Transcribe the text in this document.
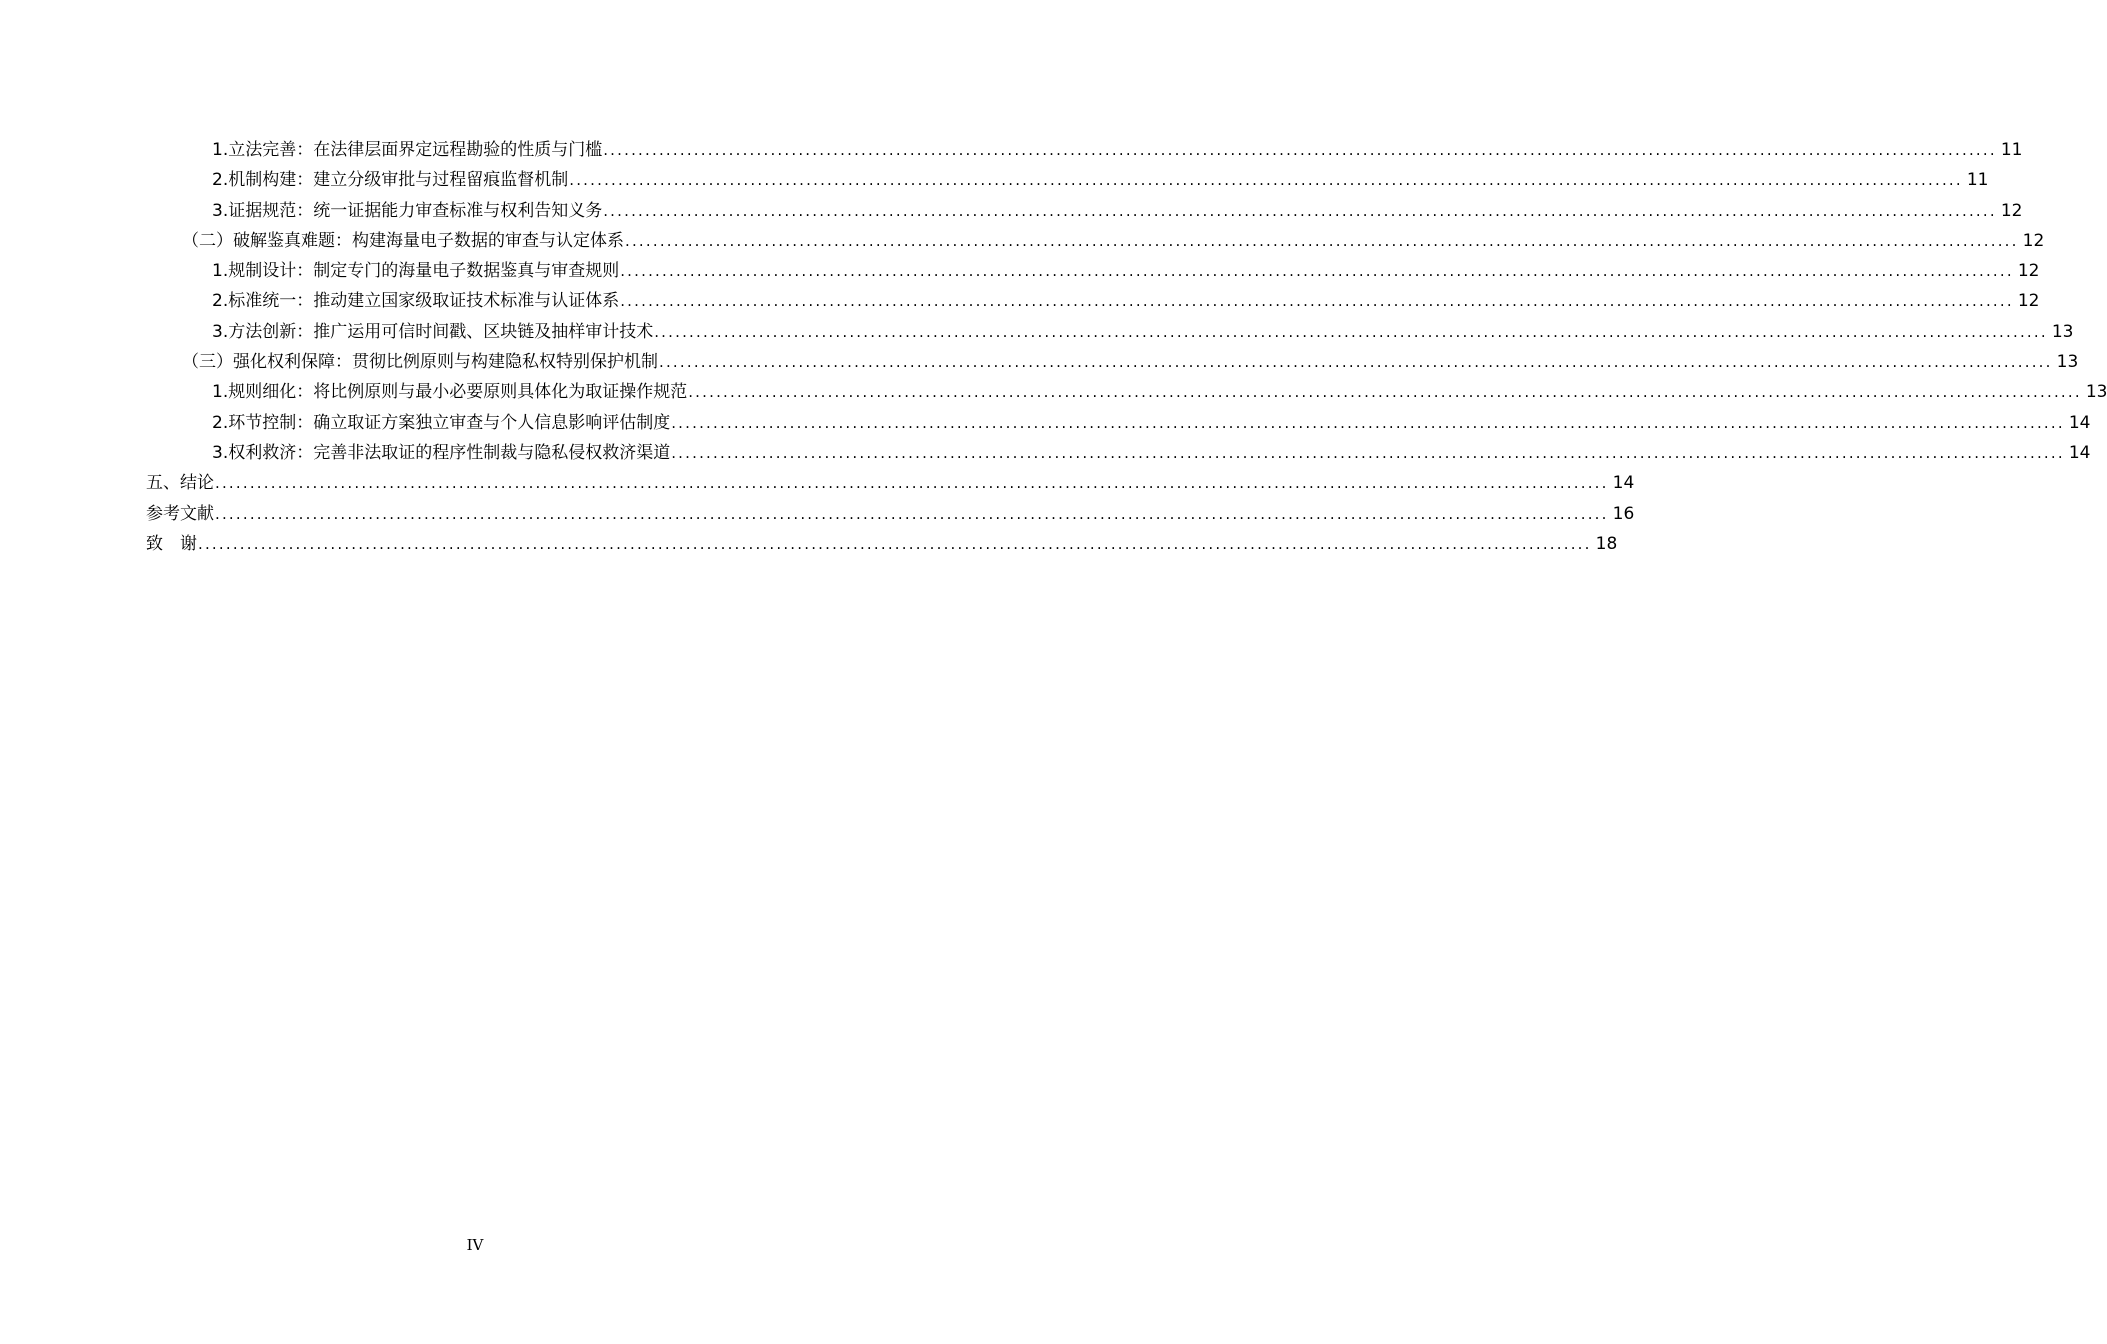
1.立法完善：在法律层面界定远程勘验的性质与门槛 ........................................................................................................................................................................................................ 11
2.机制构建：建立分级审批与过程留痕监督机制 ........................................................................................................................................................................................................ 11
3.证据规范：统一证据能力审查标准与权利告知义务 ........................................................................................................................................................................................................ 12
（二）破解鉴真难题：构建海量电子数据的审查与认定体系 ........................................................................................................................................................................................................ 12
1.规制设计：制定专门的海量电子数据鉴真与审查规则 ........................................................................................................................................................................................................ 12
2.标准统一：推动建立国家级取证技术标准与认证体系 ........................................................................................................................................................................................................ 12
3.方法创新：推广运用可信时间戳、区块链及抽样审计技术 ........................................................................................................................................................................................................ 13
（三）强化权利保障：贯彻比例原则与构建隐私权特别保护机制 ........................................................................................................................................................................................................ 13
1.规则细化：将比例原则与最小必要原则具体化为取证操作规范 ........................................................................................................................................................................................................ 13
2.环节控制：确立取证方案独立审查与个人信息影响评估制度 ........................................................................................................................................................................................................ 14
3.权利救济：完善非法取证的程序性制裁与隐私侵权救济渠道 ........................................................................................................................................................................................................ 14
五、结论 ........................................................................................................................................................................................................ 14
参考文献 ........................................................................................................................................................................................................ 16
致　谢 ........................................................................................................................................................................................................ 18
IV
